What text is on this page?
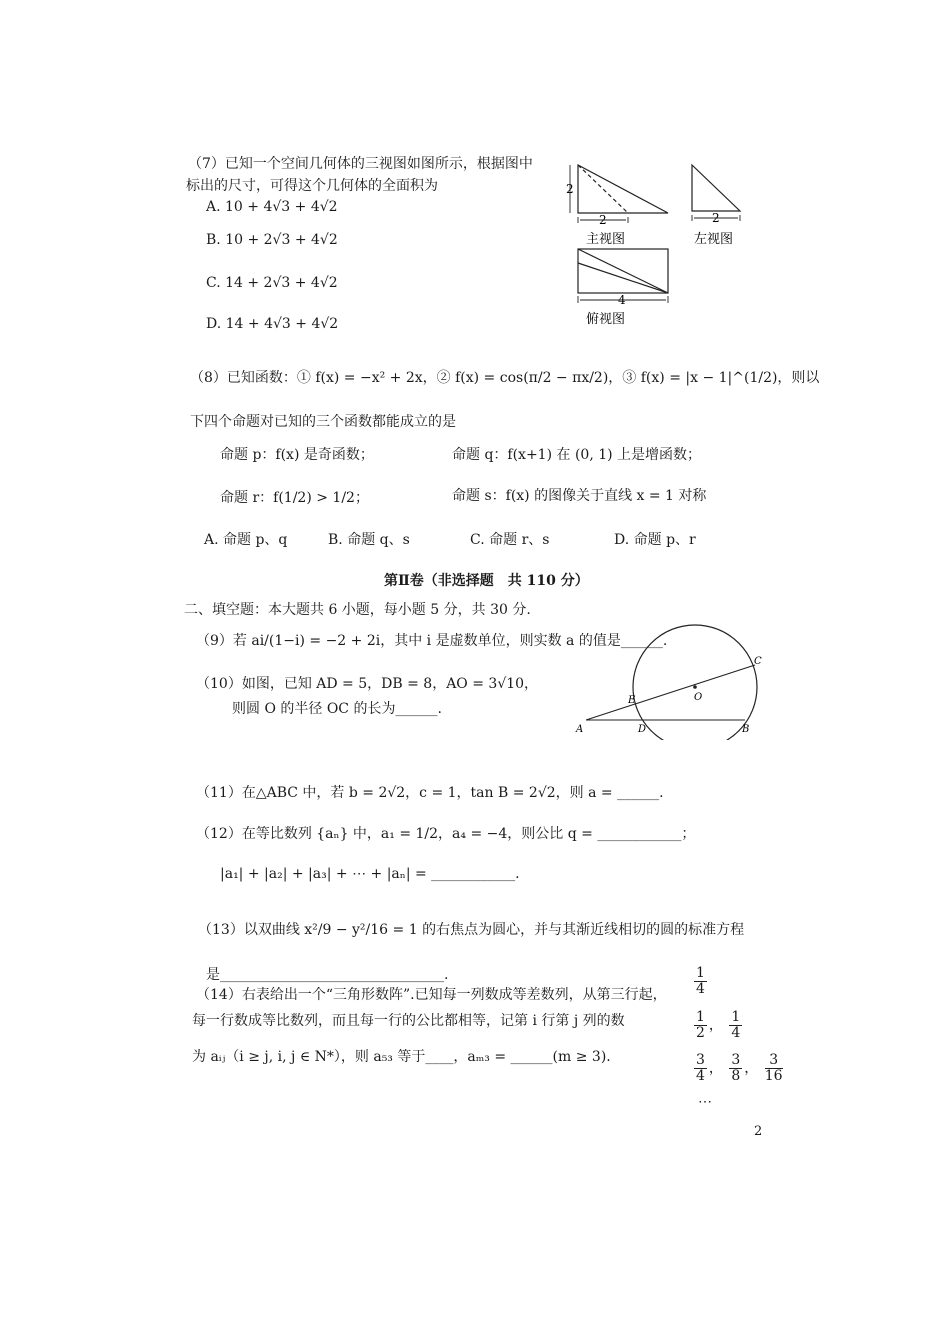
（7）已知一个空间几何体的三视图如图所示，根据图中
标出的尺寸，可得这个几何体的全面积为
A. 10 + 4√3 + 4√2
B. 10 + 2√3 + 4√2
C. 14 + 2√3 + 4√2
D. 14 + 4√3 + 4√2
2
2
主视图
2
左视图
4
俯视图
（8）已知函数：① f(x) = −x² + 2x，② f(x) = cos(π/2 − πx/2)，③ f(x) = |x − 1|^(1/2)，则以
下四个命题对已知的三个函数都能成立的是
命题 p：f(x) 是奇函数；	命题 q：f(x+1) 在 (0, 1) 上是增函数；
命题 r：f(1/2) > 1/2；	命题 s：f(x) 的图像关于直线 x = 1 对称
A. 命题 p、q	B. 命题 q、s	C. 命题 r、s	D. 命题 p、r
第Ⅱ卷（非选择题　共 110 分）
二、填空题：本大题共 6 小题，每小题 5 分，共 30 分.
（9）若 ai/(1−i) = −2 + 2i，其中 i 是虚数单位，则实数 a 的值是______.
（10）如图，已知 AD = 5，DB = 8，AO = 3√10，
则圆 O 的半径 OC 的长为______.
A	D	B
E	O
C
（11）在△ABC 中，若 b = 2√2，c = 1，tan B = 2√2，则 a = ______.
（12）在等比数列 {aₙ} 中，a₁ = 1/2，a₄ = −4，则公比 q = ____________；
|a₁| + |a₂| + |a₃| + ⋯ + |aₙ| = ____________.
（13）以双曲线 x²/9 − y²/16 = 1 的右焦点为圆心，并与其渐近线相切的圆的标准方程
是________________________________.
（14）右表给出一个“三角形数阵”.已知每一列数成等差数列，从第三行起，
每一行数成等比数列，而且每一行的公比都相等，记第 i 行第 j 列的数
为 aᵢⱼ（i ≥ j, i, j ∈ N*），则 a₅₃ 等于____，aₘ₃ = ______(m ≥ 3).
$\frac{1}{4}$
$\frac{1}{2}$ ， $\frac{1}{4}$
$\frac{3}{4}$ ， $\frac{3}{8}$ ， $\frac{3}{16}$
⋯
2
